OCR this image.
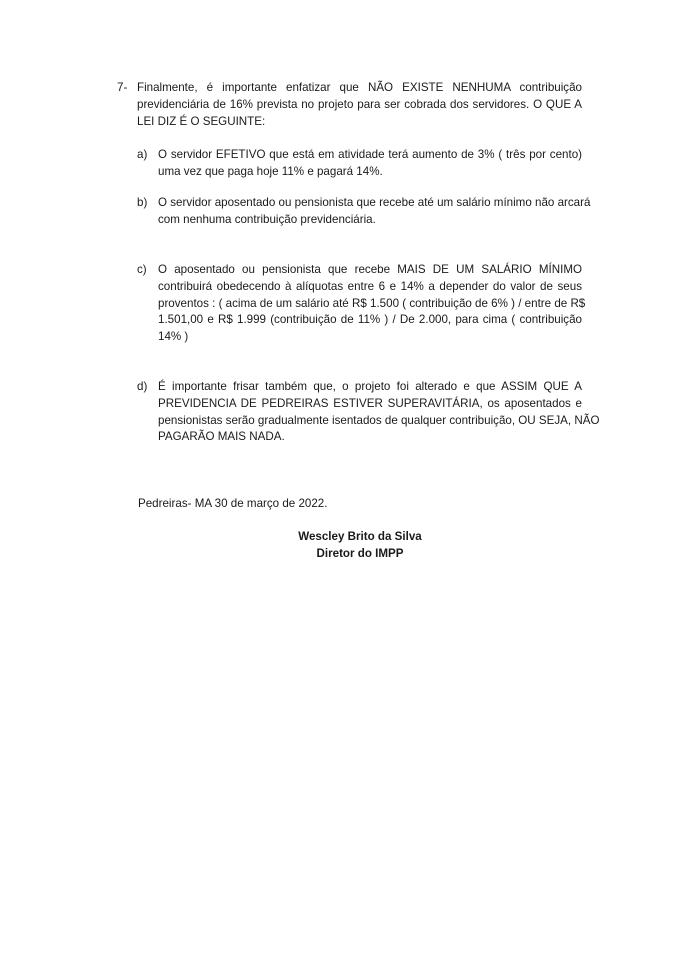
7- Finalmente, é importante enfatizar que NÃO EXISTE NENHUMA contribuição
previdenciária de 16% prevista no projeto para ser cobrada dos servidores. O QUE A
LEI DIZ É O SEGUINTE:
a) O servidor EFETIVO que está em atividade terá aumento de 3% ( três por cento)
uma vez que paga hoje 11% e pagará 14%.
b) O servidor aposentado ou pensionista que recebe até um salário mínimo não arcará
com nenhuma contribuição previdenciária.
c) O aposentado ou pensionista que recebe MAIS DE UM SALÁRIO MÍNIMO
contribuirá obedecendo à alíquotas entre 6 e 14% a depender do valor de seus
proventos : ( acima de um salário até R$ 1.500 ( contribuição de 6% ) / entre de R$
1.501,00 e R$ 1.999 (contribuição de 11% ) / De 2.000, para cima ( contribuição
14% )
d) É importante frisar também que, o projeto foi alterado e que ASSIM QUE A
PREVIDENCIA DE PEDREIRAS ESTIVER SUPERAVITÁRIA, os aposentados e
pensionistas serão gradualmente isentados de qualquer contribuição, OU SEJA, NÃO
PAGARÃO MAIS NADA.
Pedreiras- MA 30 de março de 2022.
Wescley Brito da Silva
Diretor do IMPP
